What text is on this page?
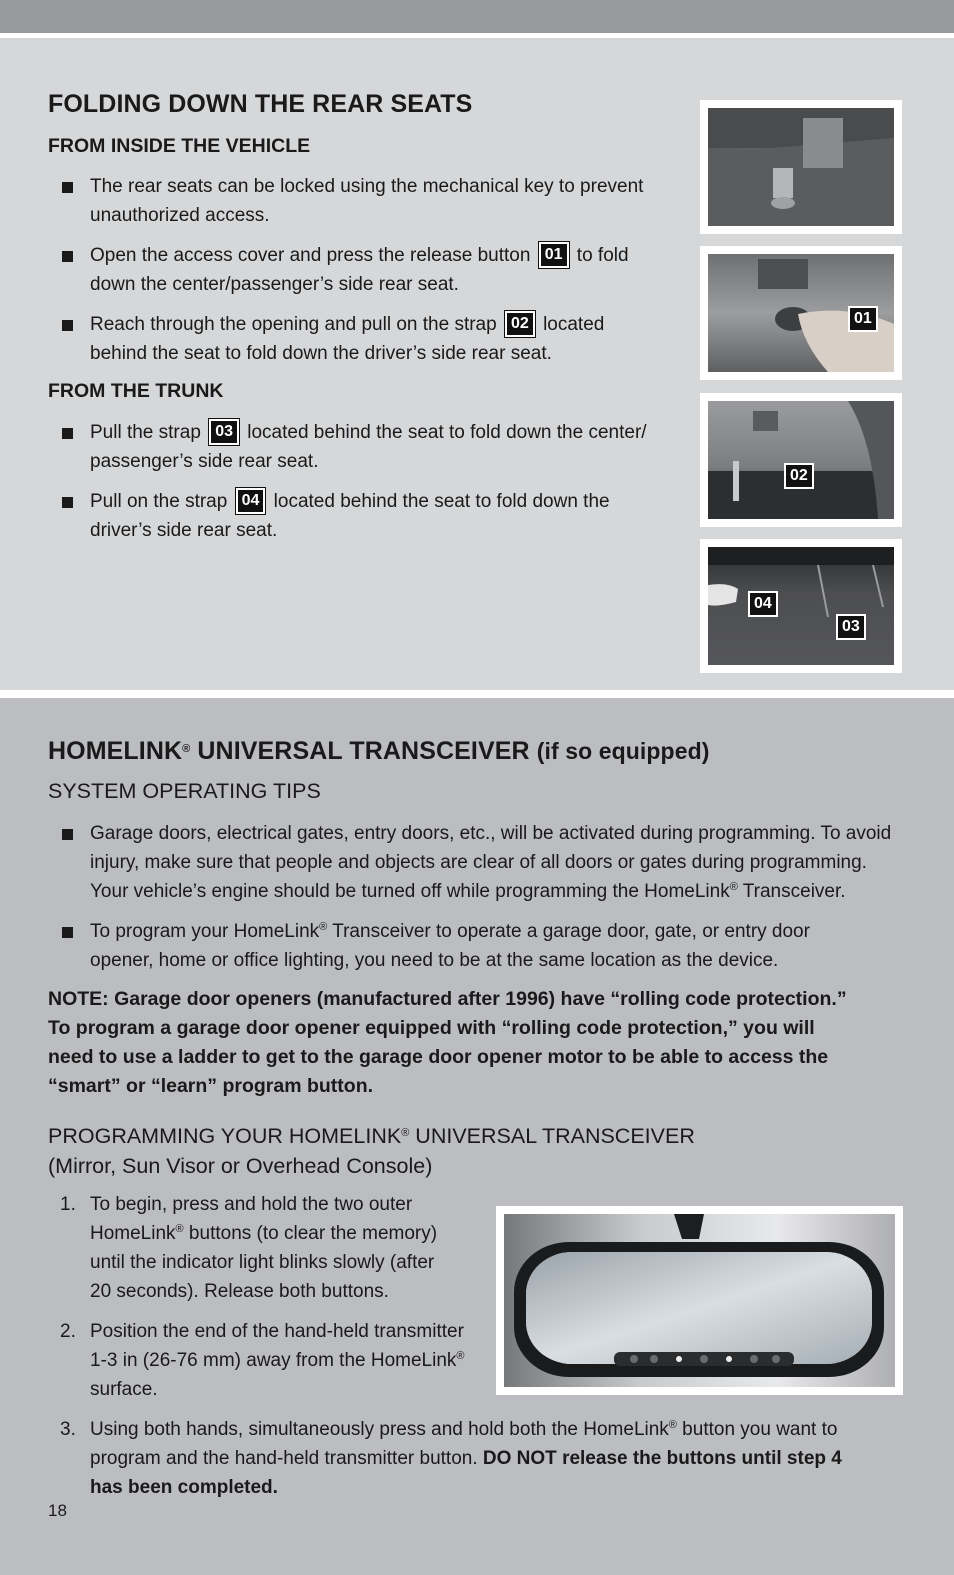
FOLDING DOWN THE REAR SEATS
FROM INSIDE THE VEHICLE
The rear seats can be locked using the mechanical key to prevent
unauthorized access.
Open the access cover and press the release button 01 to fold
down the center/passenger’s side rear seat.
Reach through the opening and pull on the strap 02 located
behind the seat to fold down the driver’s side rear seat.
FROM THE TRUNK
Pull the strap 03 located behind the seat to fold down the center/
passenger’s side rear seat.
Pull on the strap 04 located behind the seat to fold down the
driver’s side rear seat.
01
02
04
03
HOMELINK® UNIVERSAL TRANSCEIVER (if so equipped)
SYSTEM OPERATING TIPS
Garage doors, electrical gates, entry doors, etc., will be activated during programming. To avoid
injury, make sure that people and objects are clear of all doors or gates during programming.
Your vehicle’s engine should be turned off while programming the HomeLink® Transceiver.
To program your HomeLink® Transceiver to operate a garage door, gate, or entry door
opener, home or office lighting, you need to be at the same location as the device.
NOTE: Garage door openers (manufactured after 1996) have “rolling code protection.”
To program a garage door opener equipped with “rolling code protection,” you will
need to use a ladder to get to the garage door opener motor to be able to access the
“smart” or “learn” program button.
PROGRAMMING YOUR HOMELINK® UNIVERSAL TRANSCEIVER
(Mirror, Sun Visor or Overhead Console)
1. To begin, press and hold the two outer
HomeLink® buttons (to clear the memory)
until the indicator light blinks slowly (after
20 seconds). Release both buttons.
2. Position the end of the hand-held transmitter
1-3 in (26-76 mm) away from the HomeLink®
surface.
3. Using both hands, simultaneously press and hold both the HomeLink® button you want to
program and the hand-held transmitter button. DO NOT release the buttons until step 4
has been completed.
18
